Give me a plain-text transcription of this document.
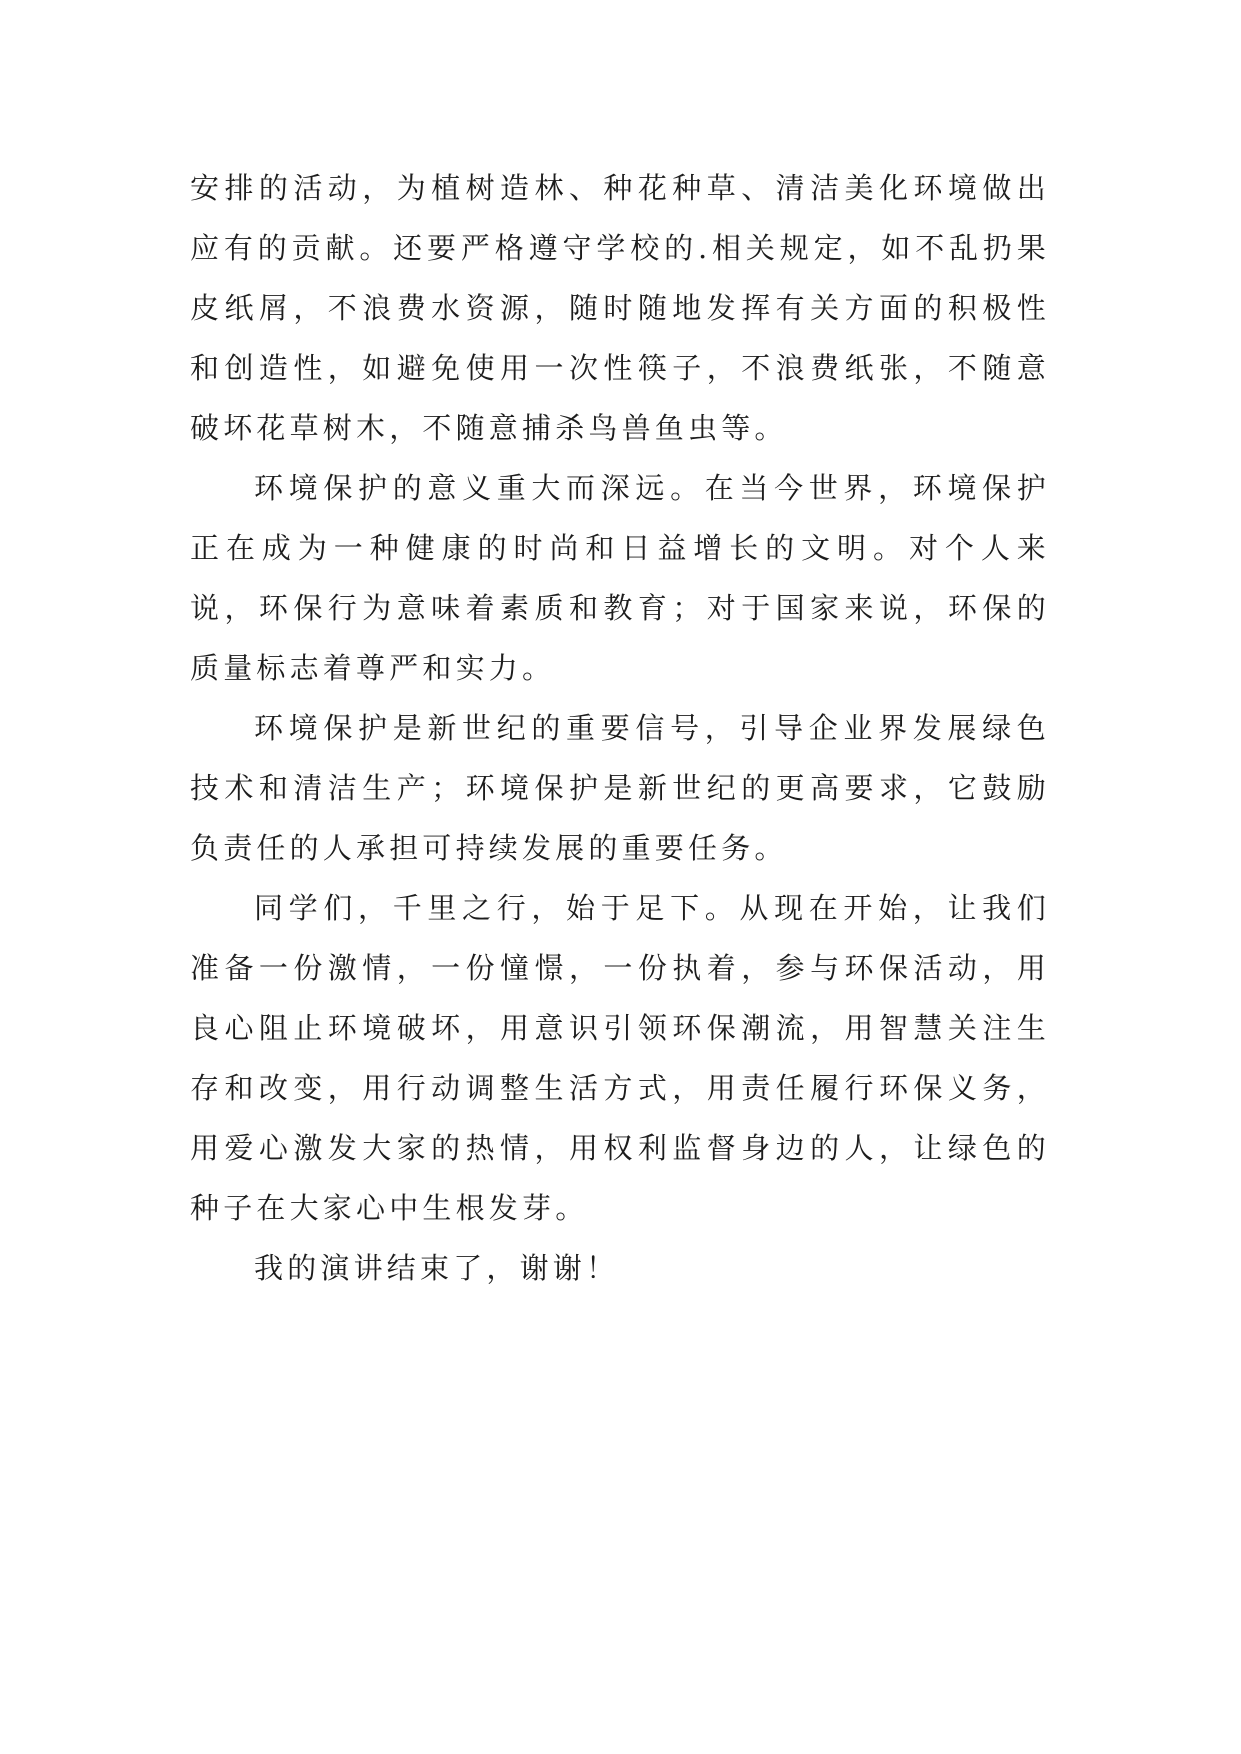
安排的活动，为植树造林、种花种草、清洁美化环境做出应有的贡献。还要严格遵守学校的.相关规定，如不乱扔果皮纸屑，不浪费水资源，随时随地发挥有关方面的积极性和创造性，如避免使用一次性筷子，不浪费纸张，不随意破坏花草树木，不随意捕杀鸟兽鱼虫等。

环境保护的意义重大而深远。在当今世界，环境保护正在成为一种健康的时尚和日益增长的文明。对个人来说，环保行为意味着素质和教育；对于国家来说，环保的质量标志着尊严和实力。

环境保护是新世纪的重要信号，引导企业界发展绿色技术和清洁生产；环境保护是新世纪的更高要求，它鼓励负责任的人承担可持续发展的重要任务。

同学们，千里之行，始于足下。从现在开始，让我们准备一份激情，一份憧憬，一份执着，参与环保活动，用良心阻止环境破坏，用意识引领环保潮流，用智慧关注生存和改变，用行动调整生活方式，用责任履行环保义务，用爱心激发大家的热情，用权利监督身边的人，让绿色的种子在大家心中生根发芽。

我的演讲结束了，谢谢！
